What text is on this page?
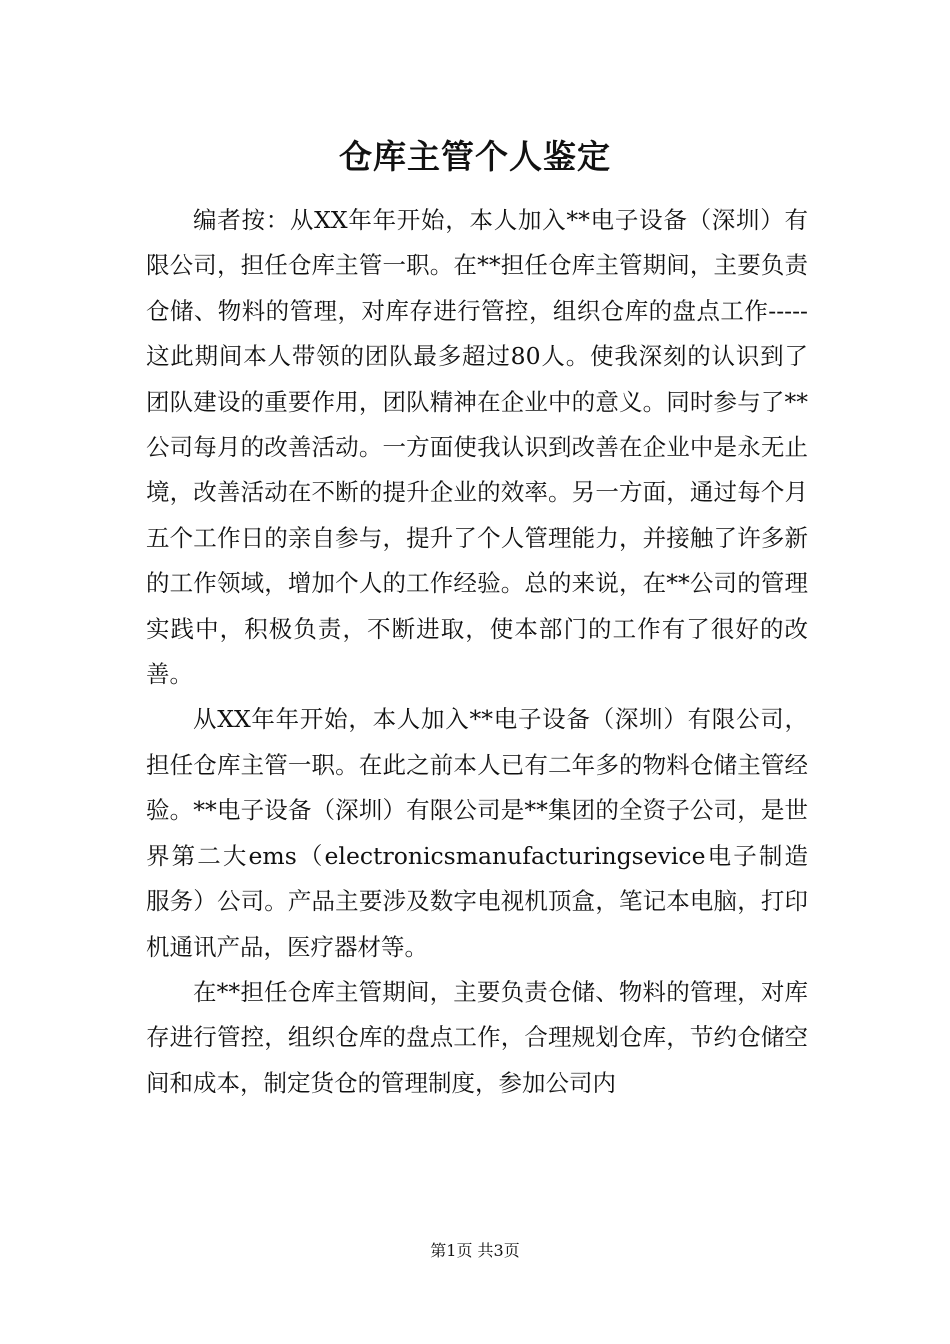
仓库主管个人鉴定

编者按：从XX年年开始，本人加入**电子设备（深圳）有限公司，担任仓库主管一职。在**担任仓库主管期间，主要负责仓储、物料的管理，对库存进行管控，组织仓库的盘点工作-----这此期间本人带领的团队最多超过80人。使我深刻的认识到了团队建设的重要作用，团队精神在企业中的意义。同时参与了**公司每月的改善活动。一方面使我认识到改善在企业中是永无止境，改善活动在不断的提升企业的效率。另一方面，通过每个月五个工作日的亲自参与，提升了个人管理能力，并接触了许多新的工作领域，增加个人的工作经验。总的来说，在**公司的管理实践中，积极负责，不断进取，使本部门的工作有了很好的改善。

从XX年年开始，本人加入**电子设备（深圳）有限公司，担任仓库主管一职。在此之前本人已有二年多的物料仓储主管经验。**电子设备（深圳）有限公司是**集团的全资子公司，是世界第二大ems（electronicsmanufacturingsevice电子制造服务）公司。产品主要涉及数字电视机顶盒，笔记本电脑，打印机通讯产品，医疗器材等。

在**担任仓库主管期间，主要负责仓储、物料的管理，对库存进行管控，组织仓库的盘点工作，合理规划仓库，节约仓储空间和成本，制定货仓的管理制度，参加公司内

第1页 共3页
